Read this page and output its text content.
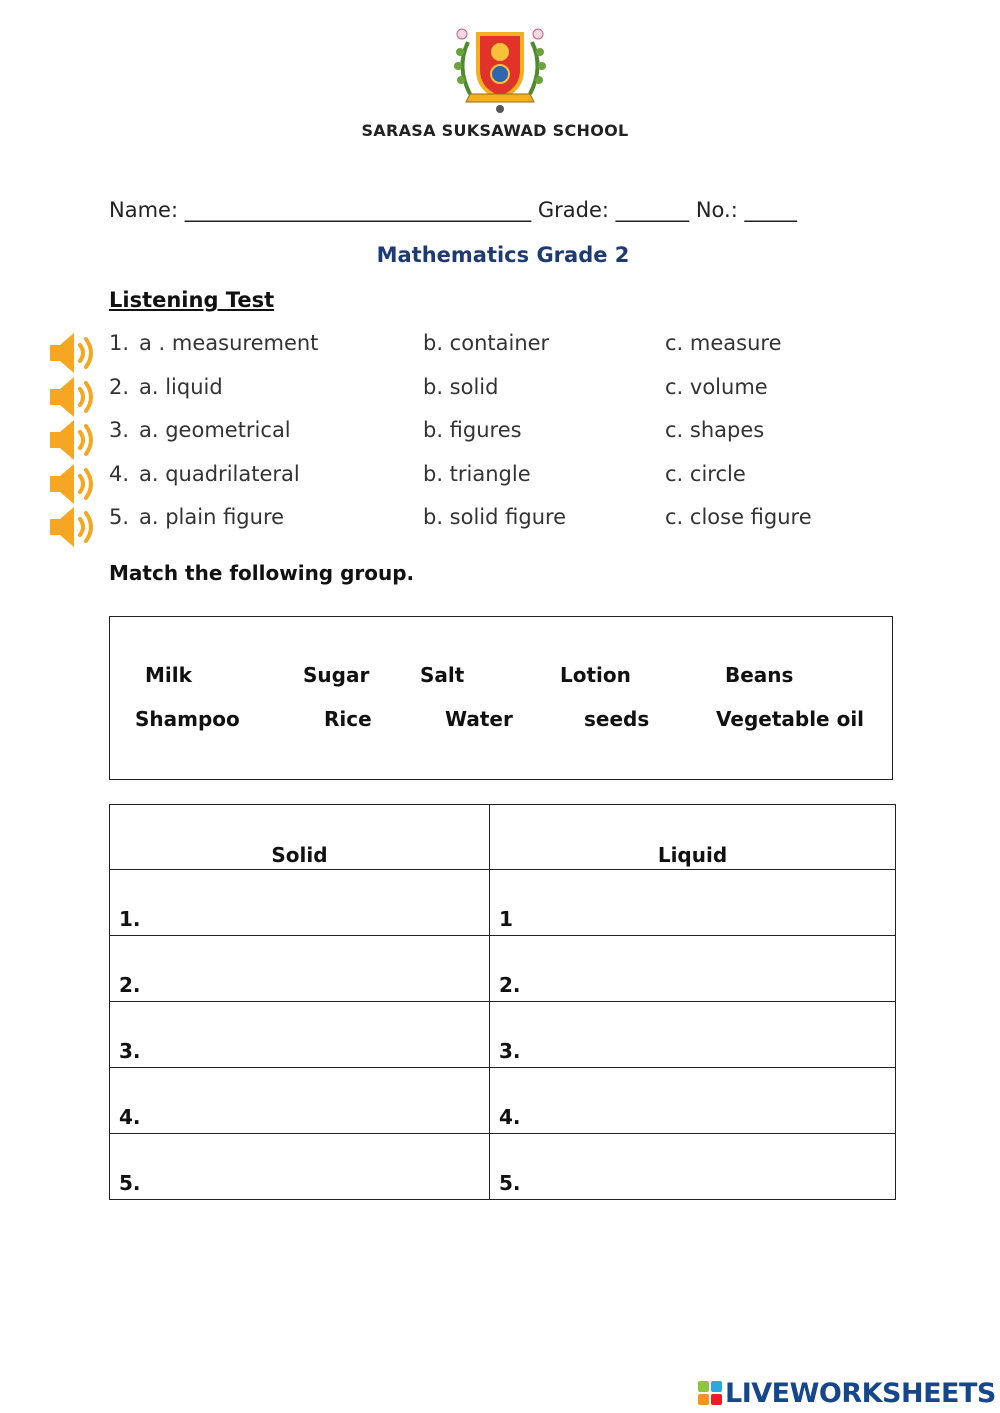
SARASA SUKSAWAD SCHOOL
Name: _________________________________ Grade: _______ No.: _____
Mathematics Grade 2
Listening Test
1. a . measurement	b. container	c. measure
2. a. liquid	b. solid	c. volume
3. a. geometrical	b. figures	c. shapes
4. a. quadrilateral	b. triangle	c. circle
5. a. plain figure	b. solid figure	c. close figure
Match the following group.
Milk	Sugar	Salt	Lotion	Beans
Shampoo	Rice	Water	seeds	Vegetable oil
Solid	Liquid
1.	1
2.	2.
3.	3.
4.	4.
5.	5.
LIVEWORKSHEETS
